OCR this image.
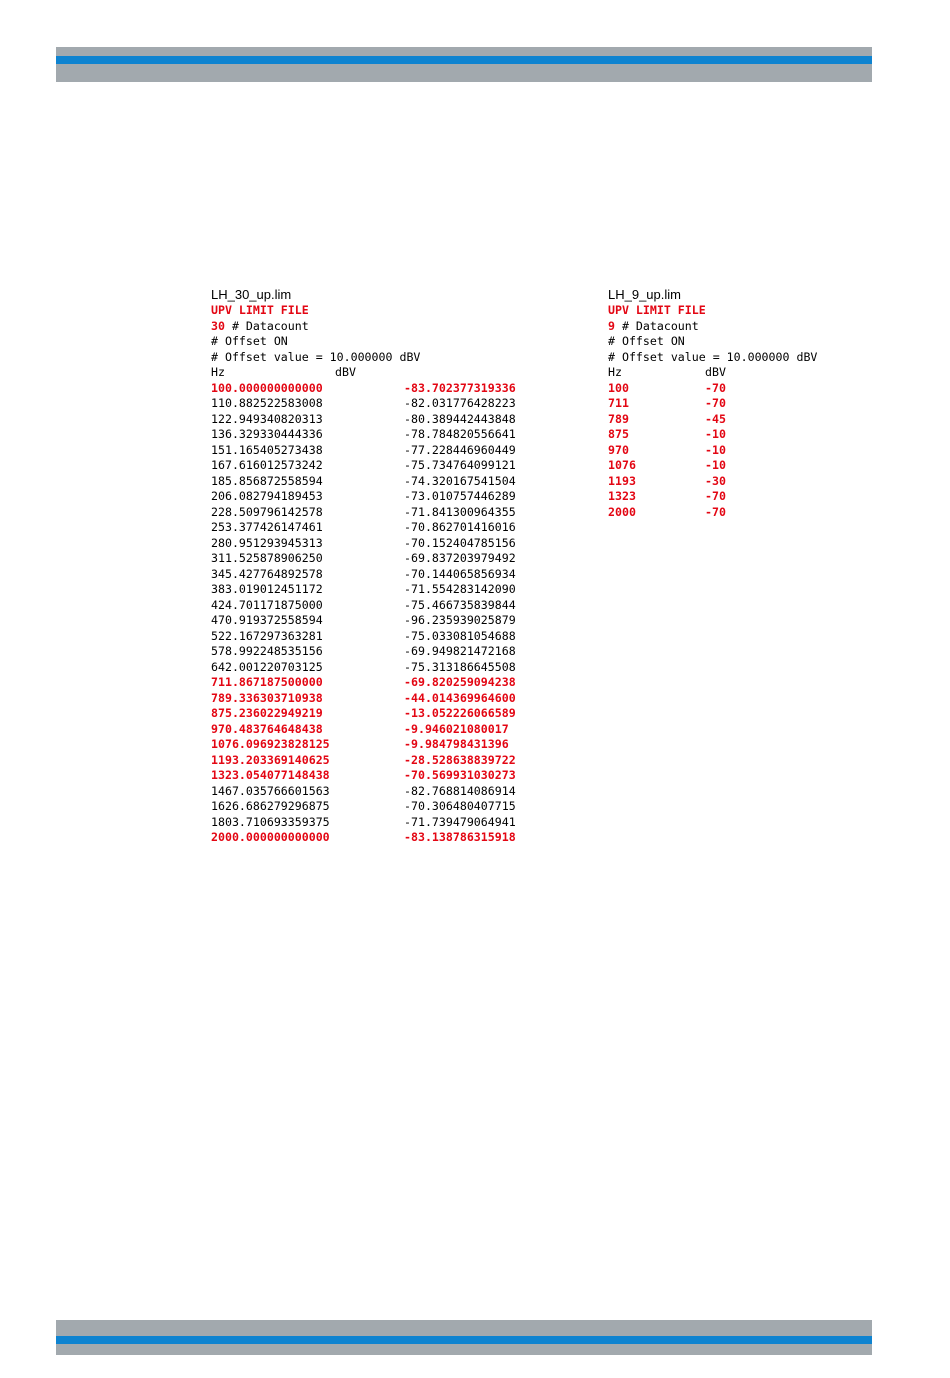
LH_30_up.lim
UPV LIMIT FILE
30 # Datacount
# Offset ON
# Offset value = 10.000000 dBV
Hz	dBV
100.000000000000	-83.702377319336
110.882522583008	-82.031776428223
122.949340820313	-80.389442443848
136.329330444336	-78.784820556641
151.165405273438	-77.228446960449
167.616012573242	-75.734764099121
185.856872558594	-74.320167541504
206.082794189453	-73.010757446289
228.509796142578	-71.841300964355
253.377426147461	-70.862701416016
280.951293945313	-70.152404785156
311.525878906250	-69.837203979492
345.427764892578	-70.144065856934
383.019012451172	-71.554283142090
424.701171875000	-75.466735839844
470.919372558594	-96.235939025879
522.167297363281	-75.033081054688
578.992248535156	-69.949821472168
642.001220703125	-75.313186645508
711.867187500000	-69.820259094238
789.336303710938	-44.014369964600
875.236022949219	-13.052226066589
970.483764648438	-9.946021080017
1076.096923828125	-9.984798431396
1193.203369140625	-28.528638839722
1323.054077148438	-70.569931030273
1467.035766601563	-82.768814086914
1626.686279296875	-70.306480407715
1803.710693359375	-71.739479064941
2000.000000000000	-83.138786315918
LH_9_up.lim
UPV LIMIT FILE
9 # Datacount
# Offset ON
# Offset value = 10.000000 dBV
Hz	dBV
100	-70
711	-70
789	-45
875	-10
970	-10
1076	-10
1193	-30
1323	-70
2000	-70
